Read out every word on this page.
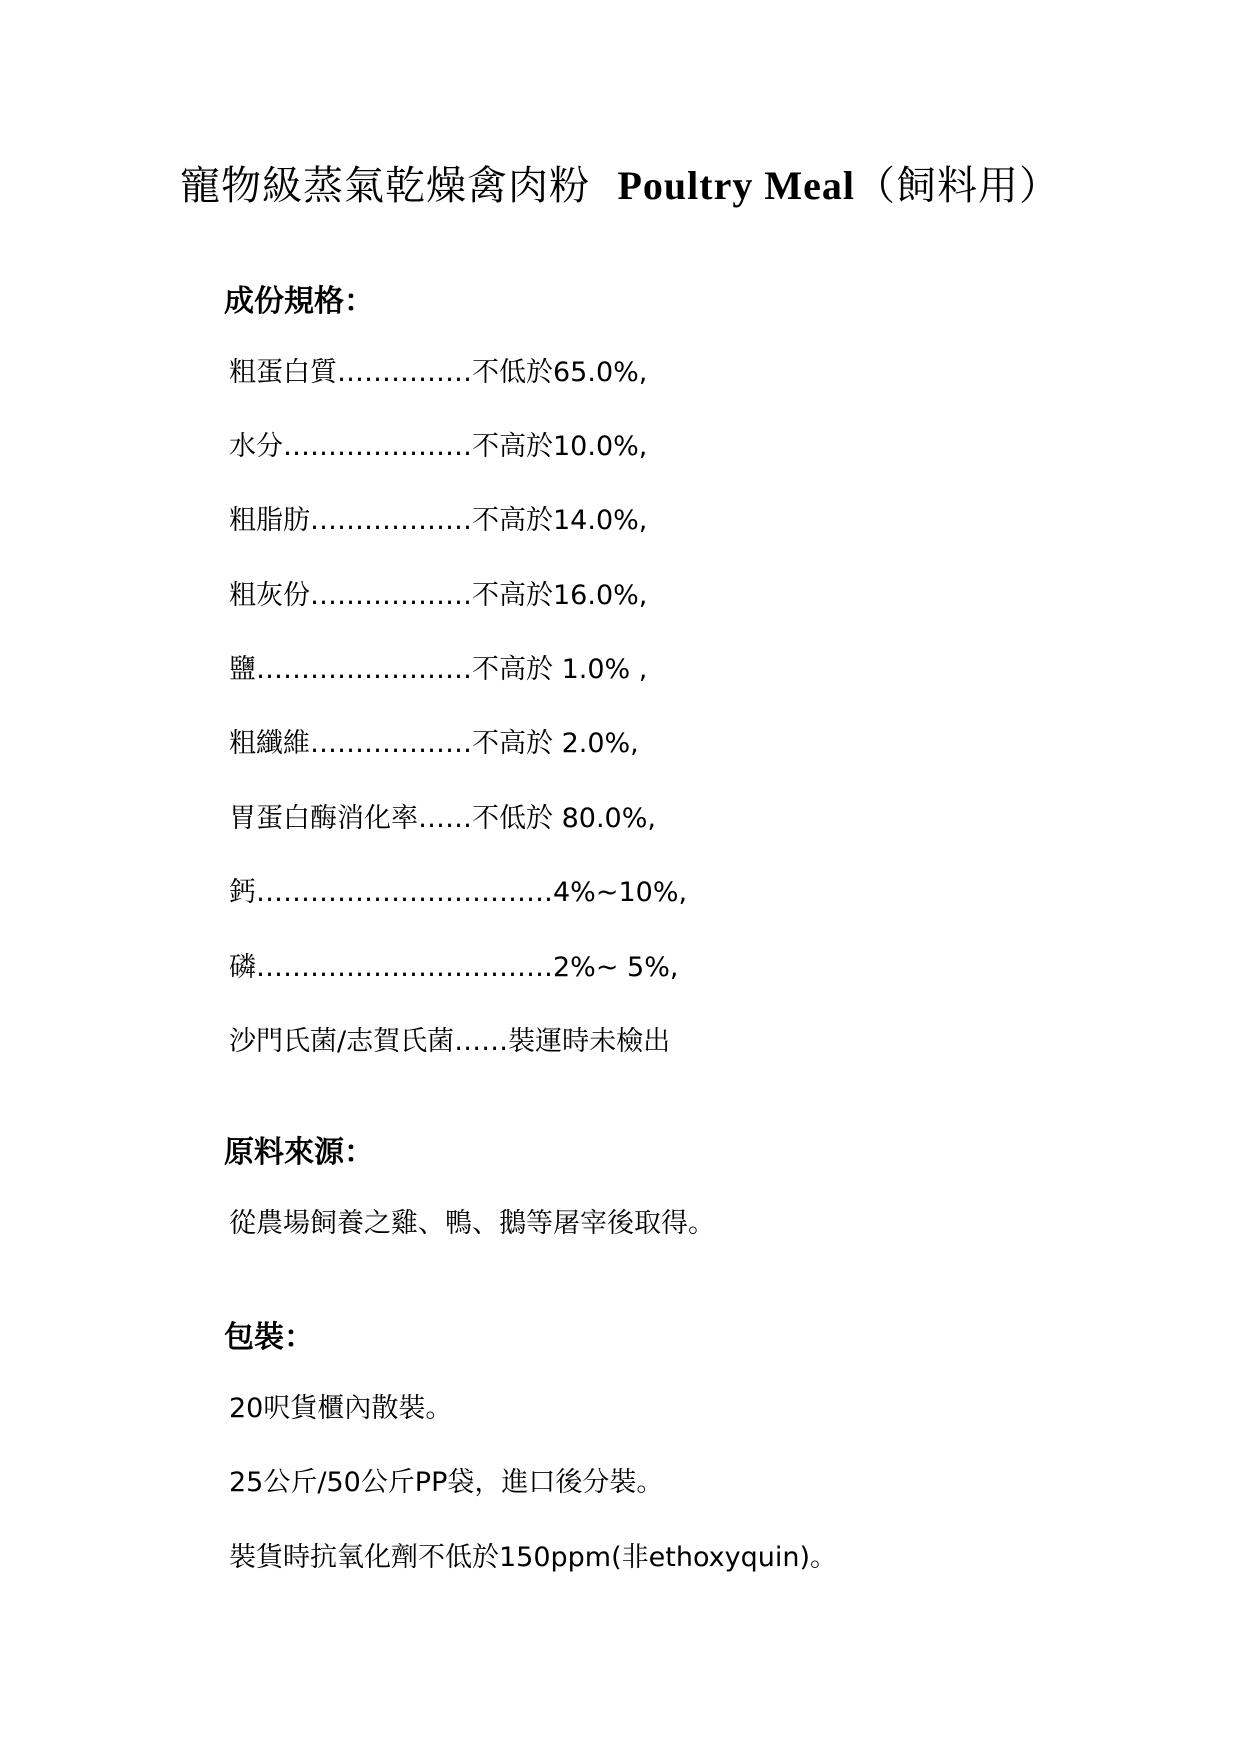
寵物級蒸氣乾燥禽肉粉 Poultry Meal（飼料用）
成份規格：
粗蛋白質……………不低於65.0%,
水分…………………不高於10.0%,
粗脂肪………………不高於14.0%,
粗灰份………………不高於16.0%,
鹽……………………不高於 1.0% ,
粗纖維………………不高於 2.0%,
胃蛋白酶消化率……不低於 80.0%,
鈣……………………………4%~10%,
磷……………………………2%~ 5%,
沙門氏菌/志賀氏菌……裝運時未檢出
原料來源：
從農場飼養之雞、鴨、鵝等屠宰後取得。
包裝：
20呎貨櫃內散裝。
25公斤/50公斤PP袋，進口後分裝。
裝貨時抗氧化劑不低於150ppm(非ethoxyquin)。
